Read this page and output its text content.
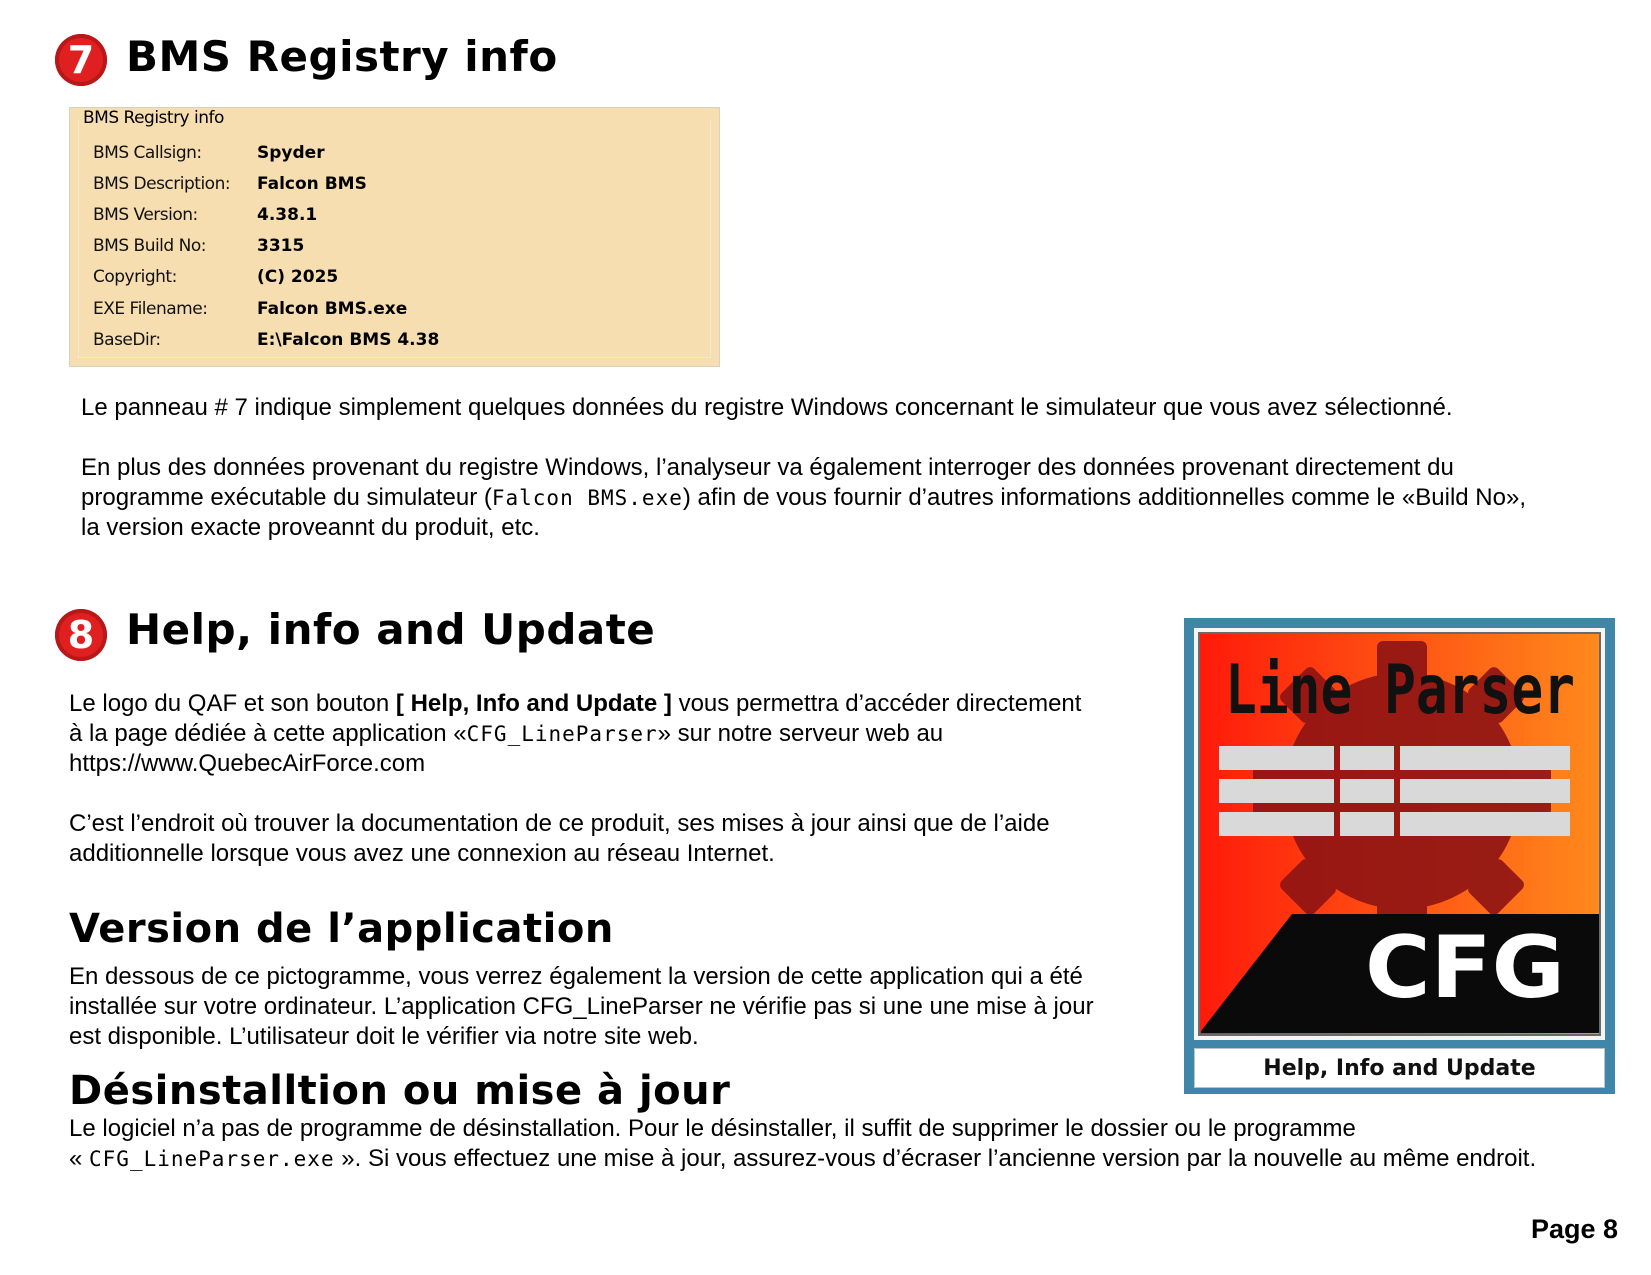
7 BMS Registry info
BMS Registry info
BMS Callsign:	Spyder
BMS Description:	Falcon BMS
BMS Version:	4.38.1
BMS Build No:	3315
Copyright:	(C) 2025
EXE Filename:	Falcon BMS.exe
BaseDir:	E:\Falcon BMS 4.38
Le panneau # 7 indique simplement quelques données du registre Windows concernant le simulateur que vous avez sélectionné.
En plus des données provenant du registre Windows, l’analyseur va également interroger des données provenant directement du
programme exécutable du simulateur (Falcon BMS.exe) afin de vous fournir d’autres informations additionnelles comme le «Build No»,
la version exacte proveannt du produit, etc.
8 Help, info and Update
Le logo du QAF et son bouton [ Help, Info and Update ] vous permettra d’accéder directement
à la page dédiée à cette application «CFG_LineParser» sur notre serveur web au
https://www.QuebecAirForce.com
C’est l’endroit où trouver la documentation de ce produit, ses mises à jour ainsi que de l’aide
additionnelle lorsque vous avez une connexion au réseau Internet.
Line Parser
CFG
Help, Info and Update
Version de l’application
En dessous de ce pictogramme, vous verrez également la version de cette application qui a été
installée sur votre ordinateur. L’application CFG_LineParser ne vérifie pas si une une mise à jour
est disponible. L’utilisateur doit le vérifier via notre site web.
Désinstalltion ou mise à jour
Le logiciel n’a pas de programme de désinstallation. Pour le désinstaller, il suffit de supprimer le dossier ou le programme
« CFG_LineParser.exe ». Si vous effectuez une mise à jour, assurez-vous d’écraser l’ancienne version par la nouvelle au même endroit.
Page 8
